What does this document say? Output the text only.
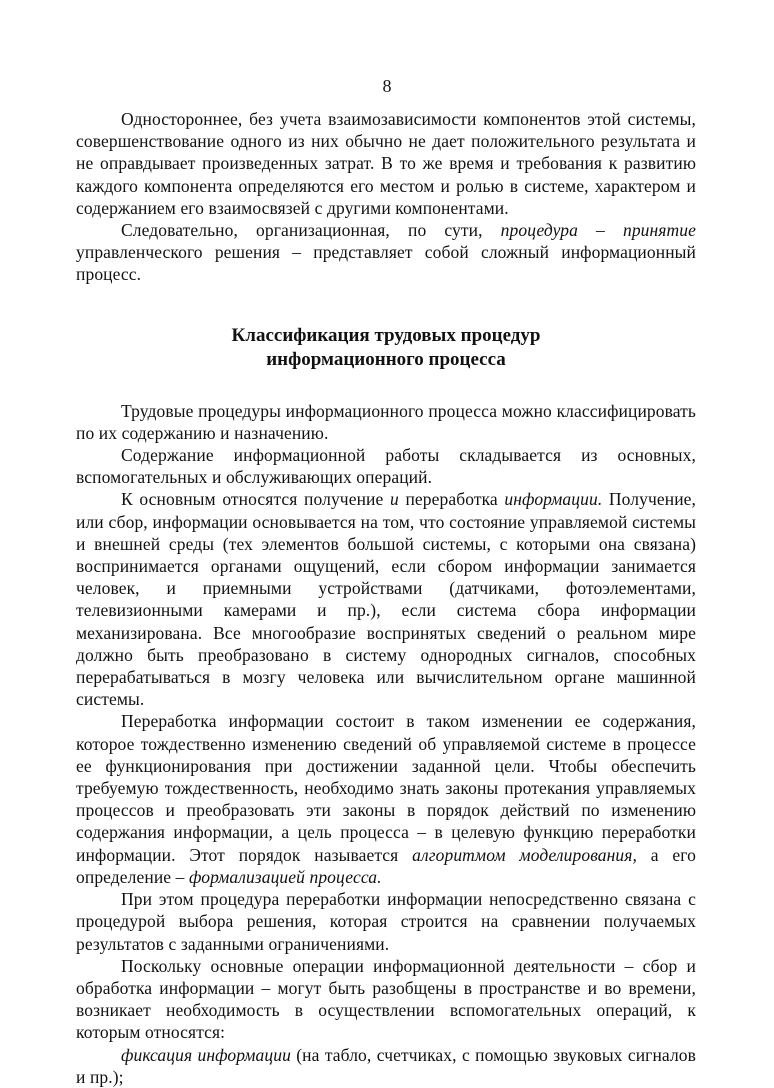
8

Одностороннее, без учета взаимозависимости компонентов этой системы, совершенствование одного из них обычно не дает положительного результата и не оправдывает произведенных затрат. В то же время и требования к развитию каждого компонента определяются его местом и ролью в системе, характером и содержанием его взаимосвязей с другими компонентами.

Следовательно, организационная, по сути, процедура – принятие управленческого решения – представляет собой сложный информационный процесс.

Классификация трудовых процедур
информационного процесса

Трудовые процедуры информационного процесса можно классифицировать по их содержанию и назначению.

Содержание информационной работы складывается из основных, вспомогательных и обслуживающих операций.

К основным относятся получение и переработка информации. Получение, или сбор, информации основывается на том, что состояние управляемой системы и внешней среды (тех элементов большой системы, с которыми она связана) воспринимается органами ощущений, если сбором информации занимается человек, и приемными устройствами (датчиками, фотоэлементами, телевизионными камерами и пр.), если система сбора информации механизирована. Все многообразие воспринятых сведений о реальном мире должно быть преобразовано в систему однородных сигналов, способных перерабатываться в мозгу человека или вычислительном органе машинной системы.

Переработка информации состоит в таком изменении ее содержания, которое тождественно изменению сведений об управляемой системе в процессе ее функционирования при достижении заданной цели. Чтобы обеспечить требуемую тождественность, необходимо знать законы протекания управляемых процессов и преобразовать эти законы в порядок действий по изменению содержания информации, а цель процесса – в целевую функцию переработки информации. Этот порядок называется алгоритмом моделирования, а его определение – формализацией процесса.

При этом процедура переработки информации непосредственно связана с процедурой выбора решения, которая строится на сравнении получаемых результатов с заданными ограничениями.

Поскольку основные операции информационной деятельности – сбор и обработка информации – могут быть разобщены в пространстве и во времени, возникает необходимость в осуществлении вспомогательных операций, к которым относятся:

фиксация информации (на табло, счетчиках, с помощью звуковых сигналов и пр.);
